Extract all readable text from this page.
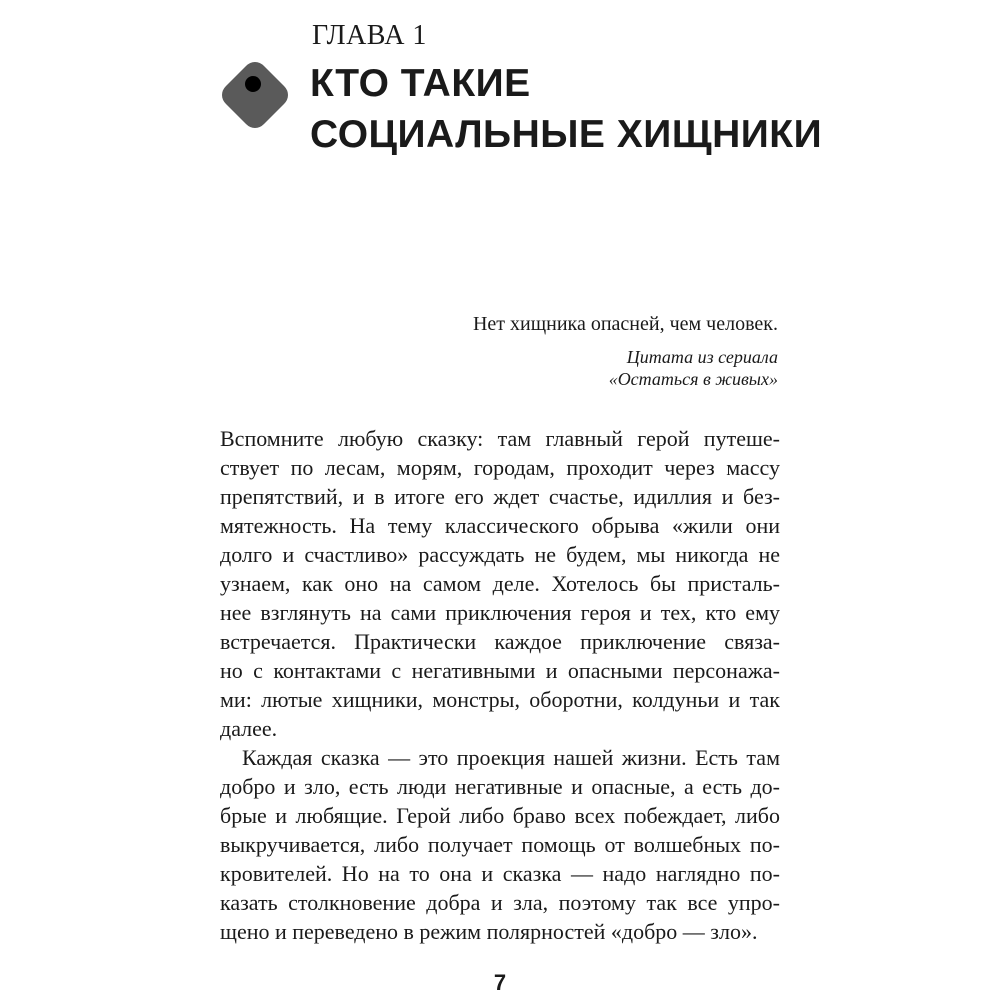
ГЛАВА 1
КТО ТАКИЕ
СОЦИАЛЬНЫЕ ХИЩНИКИ
Нет хищника опасней, чем человек.
Цитата из сериала
«Остаться в живых»
Вспомните любую сказку: там главный герой путеше-
ствует по лесам, морям, городам, проходит через массу
препятствий, и в итоге его ждет счастье, идиллия и без-
мятежность. На тему классического обрыва «жили они
долго и счастливо» рассуждать не будем, мы никогда не
узнаем, как оно на самом деле. Хотелось бы присталь-
нее взглянуть на сами приключения героя и тех, кто ему
встречается. Практически каждое приключение связа-
но с контактами с негативными и опасными персонажа-
ми: лютые хищники, монстры, оборотни, колдуньи и так
далее.
Каждая сказка — это проекция нашей жизни. Есть там
добро и зло, есть люди негативные и опасные, а есть до-
брые и любящие. Герой либо браво всех побеждает, либо
выкручивается, либо получает помощь от волшебных по-
кровителей. Но на то она и сказка — надо наглядно по-
казать столкновение добра и зла, поэтому так все упро-
щено и переведено в режим полярностей «добро — зло».
7
